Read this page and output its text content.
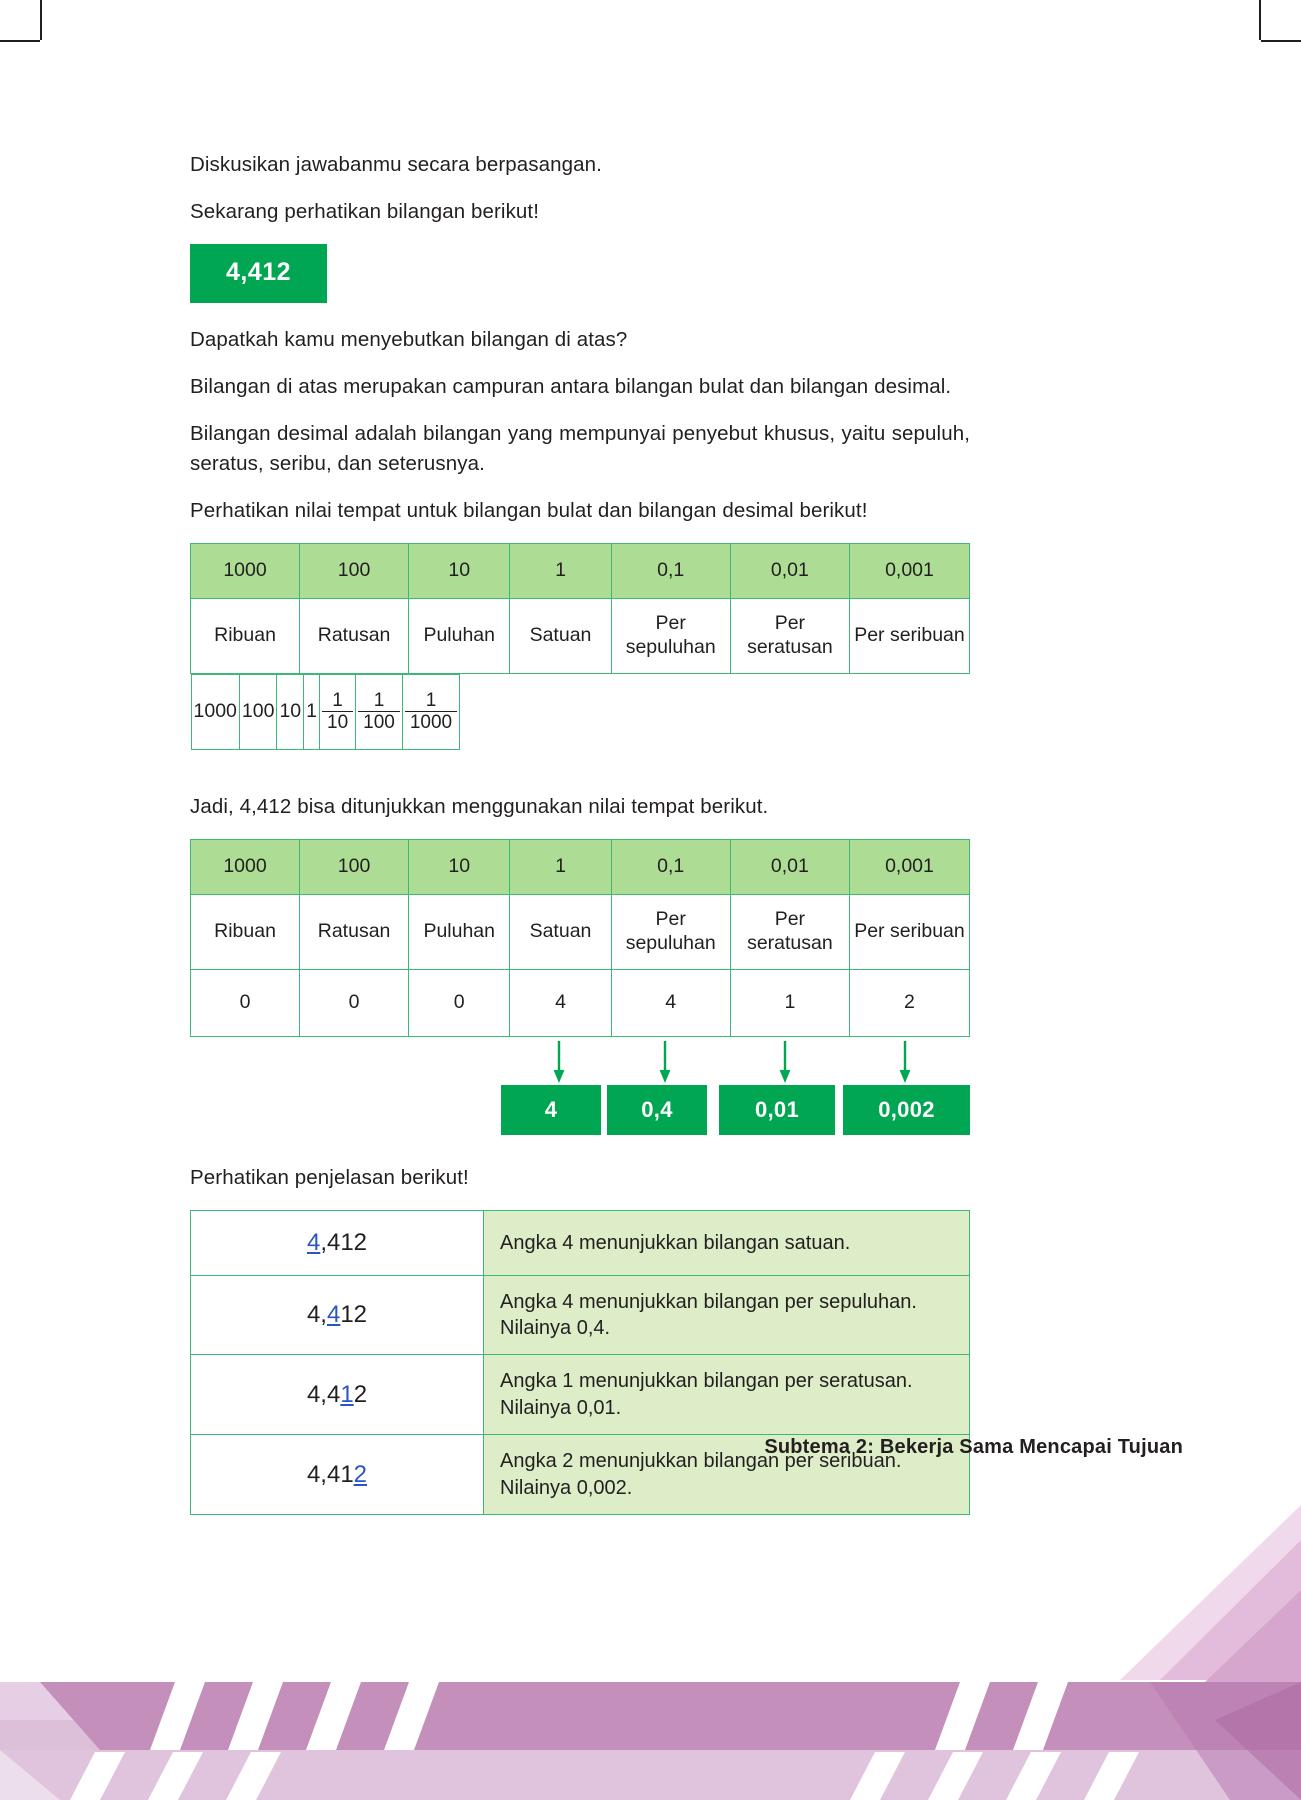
Diskusikan jawabanmu secara berpasangan.

Sekarang perhatikan bilangan berikut!

4,412

Dapatkah kamu menyebutkan bilangan di atas?

Bilangan di atas merupakan campuran antara bilangan bulat dan bilangan desimal.

Bilangan desimal adalah bilangan yang mempunyai penyebut khusus, yaitu sepuluh, seratus, seribu, dan seterusnya.

Perhatikan nilai tempat untuk bilangan bulat dan bilangan desimal berikut!

1000	100	10	1	0,1	0,01	0,001
Ribuan	Ratusan	Puluhan	Satuan	Per sepuluhan	Per seratusan	Per seribuan
1000	100	10	1	$\frac{1}{10}$	$\frac{1}{100}$	$\frac{1}{1000}$

Jadi, 4,412 bisa ditunjukkan menggunakan nilai tempat berikut.

1000	100	10	1	0,1	0,01	0,001
Ribuan	Ratusan	Puluhan	Satuan	Per sepuluhan	Per seratusan	Per seribuan
0	0	0	4	4	1	2
4	0,4	0,01	0,002

Perhatikan penjelasan berikut!

4,412	Angka 4 menunjukkan bilangan satuan.
4,412	Angka 4 menunjukkan bilangan per sepuluhan. Nilainya 0,4.
4,412	Angka 1 menunjukkan bilangan per seratusan. Nilainya 0,01.
4,412	Angka 2 menunjukkan bilangan per seribuan. Nilainya 0,002.
Subtema 2: Bekerja Sama Mencapai Tujuan 59
